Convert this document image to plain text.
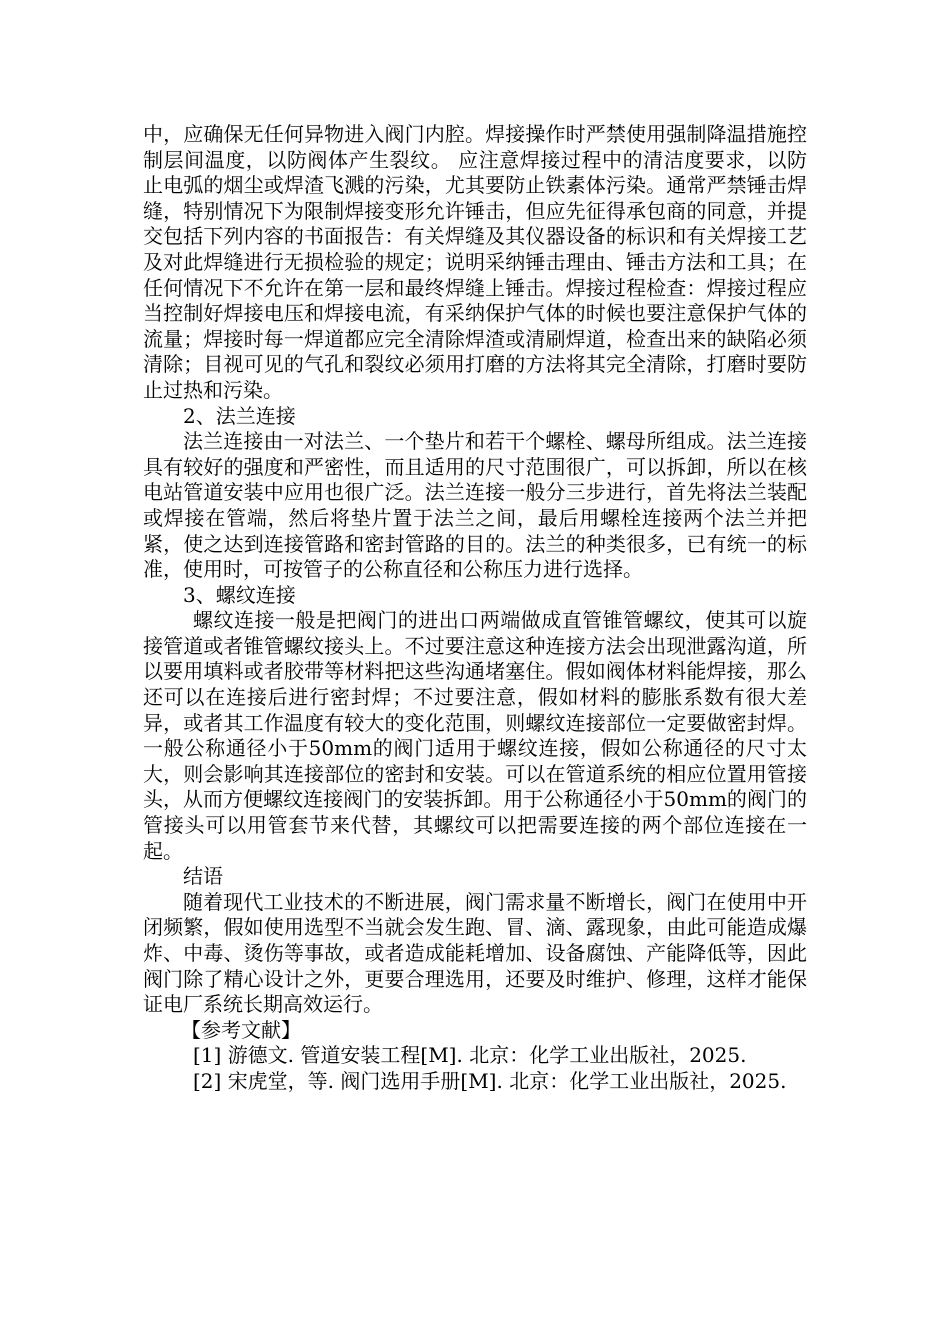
中，应确保无任何异物进入阀门内腔。焊接操作时严禁使用强制降温措施控制层间温度，以防阀体产生裂纹。 应注意焊接过程中的清洁度要求，以防止电弧的烟尘或焊渣飞溅的污染，尤其要防止铁素体污染。通常严禁锤击焊缝，特别情况下为限制焊接变形允许锤击，但应先征得承包商的同意，并提交包括下列内容的书面报告：有关焊缝及其仪器设备的标识和有关焊接工艺及对此焊缝进行无损检验的规定；说明采纳锤击理由、锤击方法和工具；在任何情况下不允许在第一层和最终焊缝上锤击。焊接过程检查：焊接过程应当控制好焊接电压和焊接电流，有采纳保护气体的时候也要注意保护气体的流量；焊接时每一焊道都应完全清除焊渣或清刷焊道，检查出来的缺陷必须清除；目视可见的气孔和裂纹必须用打磨的方法将其完全清除，打磨时要防止过热和污染。

2、法兰连接

法兰连接由一对法兰、一个垫片和若干个螺栓、螺母所组成。法兰连接具有较好的强度和严密性，而且适用的尺寸范围很广，可以拆卸，所以在核电站管道安装中应用也很广泛。法兰连接一般分三步进行，首先将法兰装配或焊接在管端，然后将垫片置于法兰之间，最后用螺栓连接两个法兰并把紧，使之达到连接管路和密封管路的目的。法兰的种类很多，已有统一的标准，使用时，可按管子的公称直径和公称压力进行选择。

3、螺纹连接

螺纹连接一般是把阀门的进出口两端做成直管锥管螺纹，使其可以旋接管道或者锥管螺纹接头上。不过要注意这种连接方法会出现泄露沟道，所以要用填料或者胶带等材料把这些沟通堵塞住。假如阀体材料能焊接，那么还可以在连接后进行密封焊；不过要注意，假如材料的膨胀系数有很大差异，或者其工作温度有较大的变化范围，则螺纹连接部位一定要做密封焊。一般公称通径小于50mm的阀门适用于螺纹连接，假如公称通径的尺寸太大，则会影响其连接部位的密封和安装。可以在管道系统的相应位置用管接头，从而方便螺纹连接阀门的安装拆卸。用于公称通径小于50mm的阀门的管接头可以用管套节来代替，其螺纹可以把需要连接的两个部位连接在一起。

结语

随着现代工业技术的不断进展，阀门需求量不断增长，阀门在使用中开闭频繁，假如使用选型不当就会发生跑、冒、滴、露现象，由此可能造成爆炸、中毒、烫伤等事故，或者造成能耗增加、设备腐蚀、产能降低等，因此阀门除了精心设计之外，更要合理选用，还要及时维护、修理，这样才能保证电厂系统长期高效运行。

【参考文献】

[1] 游德文. 管道安装工程[M]. 北京：化学工业出版社，2025.

[2] 宋虎堂，等. 阀门选用手册[M]. 北京：化学工业出版社，2025.
